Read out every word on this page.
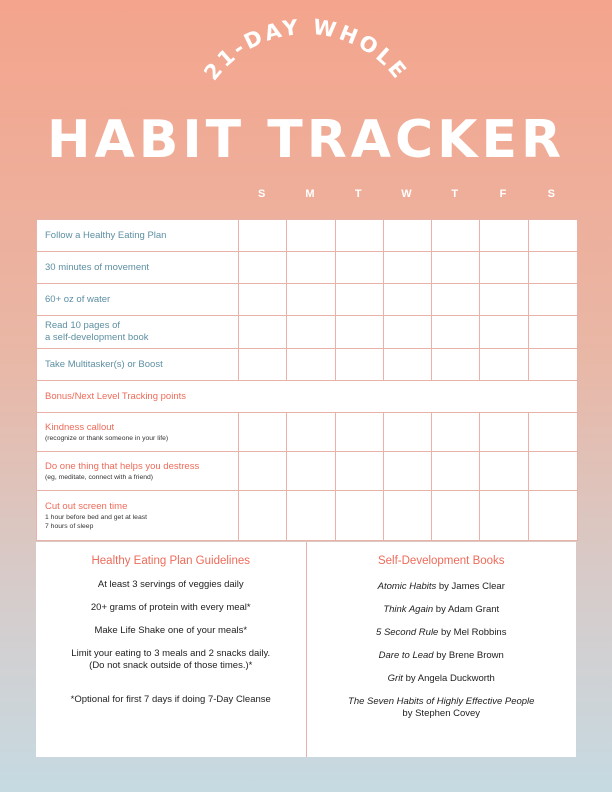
21-DAY WHOLE
HABIT TRACKER
S	M	T	W	T	F	S
Follow a Healthy Eating Plan
30 minutes of movement
60+ oz of water
Read 10 pages of
a self-development book
Take Multitasker(s) or Boost
Bonus/Next Level Tracking points
Kindness callout
(recognize or thank someone in your life)
Do one thing that helps you destress
(eg, meditate, connect with a friend)
Cut out screen time
1 hour before bed and get at least
7 hours of sleep
Healthy Eating Plan Guidelines
At least 3 servings of veggies daily
20+ grams of protein with every meal*
Make Life Shake one of your meals*
Limit your eating to 3 meals and 2 snacks daily.
(Do not snack outside of those times.)*
*Optional for first 7 days if doing 7-Day Cleanse
Self-Development Books
Atomic Habits by James Clear
Think Again by Adam Grant
5 Second Rule by Mel Robbins
Dare to Lead by Brene Brown
Grit by Angela Duckworth
The Seven Habits of Highly Effective People
by Stephen Covey
